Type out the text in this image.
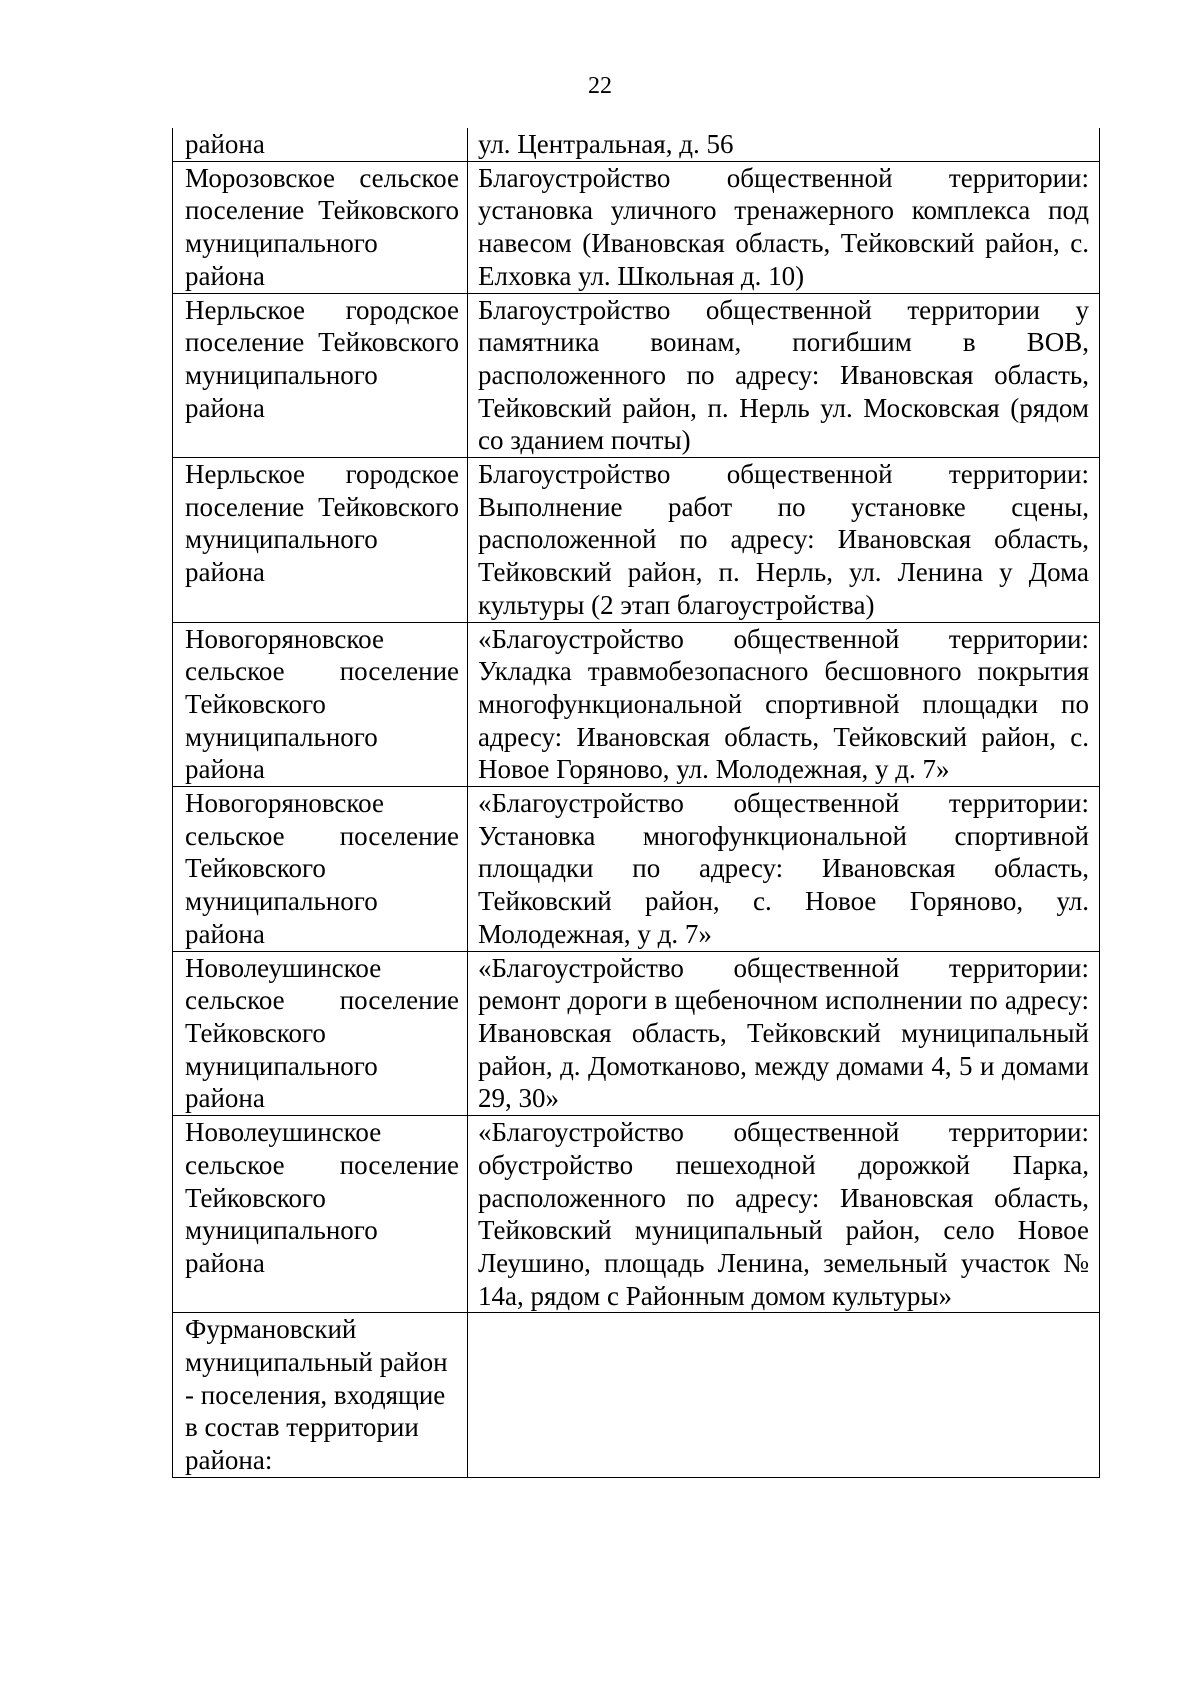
22
района	ул. Центральная, д. 56
Морозовское сельское поселение Тейковского муниципального района	Благоустройство общественной территории: установка уличного тренажерного комплекса под навесом (Ивановская область, Тейковский район, с. Елховка ул. Школьная д. 10)
Нерльское городское поселение Тейковского муниципального района	Благоустройство общественной территории у памятника воинам, погибшим в ВОВ, расположенного по адресу: Ивановская область, Тейковский район, п. Нерль ул. Московская (рядом со зданием почты)
Нерльское городское поселение Тейковского муниципального района	Благоустройство общественной территории: Выполнение работ по установке сцены, расположенной по адресу: Ивановская область, Тейковский район, п. Нерль, ул. Ленина у Дома культуры (2 этап благоустройства)
Новогоряновское сельское поселение Тейковского муниципального района	«Благоустройство общественной территории: Укладка травмобезопасного бесшовного покрытия многофункциональной спортивной площадки по адресу: Ивановская область, Тейковский район, с. Новое Горяново, ул. Молодежная, у д. 7»
Новогоряновское сельское поселение Тейковского муниципального района	«Благоустройство общественной территории: Установка многофункциональной спортивной площадки по адресу: Ивановская область, Тейковский район, с. Новое Горяново, ул. Молодежная, у д. 7»
Новолеушинское сельское поселение Тейковского муниципального района	«Благоустройство общественной территории: ремонт дороги в щебеночном исполнении по адресу: Ивановская область, Тейковский муниципальный район, д. Домотканово, между домами 4, 5 и домами 29, 30»
Новолеушинское сельское поселение Тейковского муниципального района	«Благоустройство общественной территории: обустройство пешеходной дорожкой Парка, расположенного по адресу: Ивановская область, Тейковский муниципальный район, село Новое Леушино, площадь Ленина, земельный участок № 14а, рядом с Районным домом культуры»
Фурмановский муниципальный район - поселения, входящие в состав территории района:	
